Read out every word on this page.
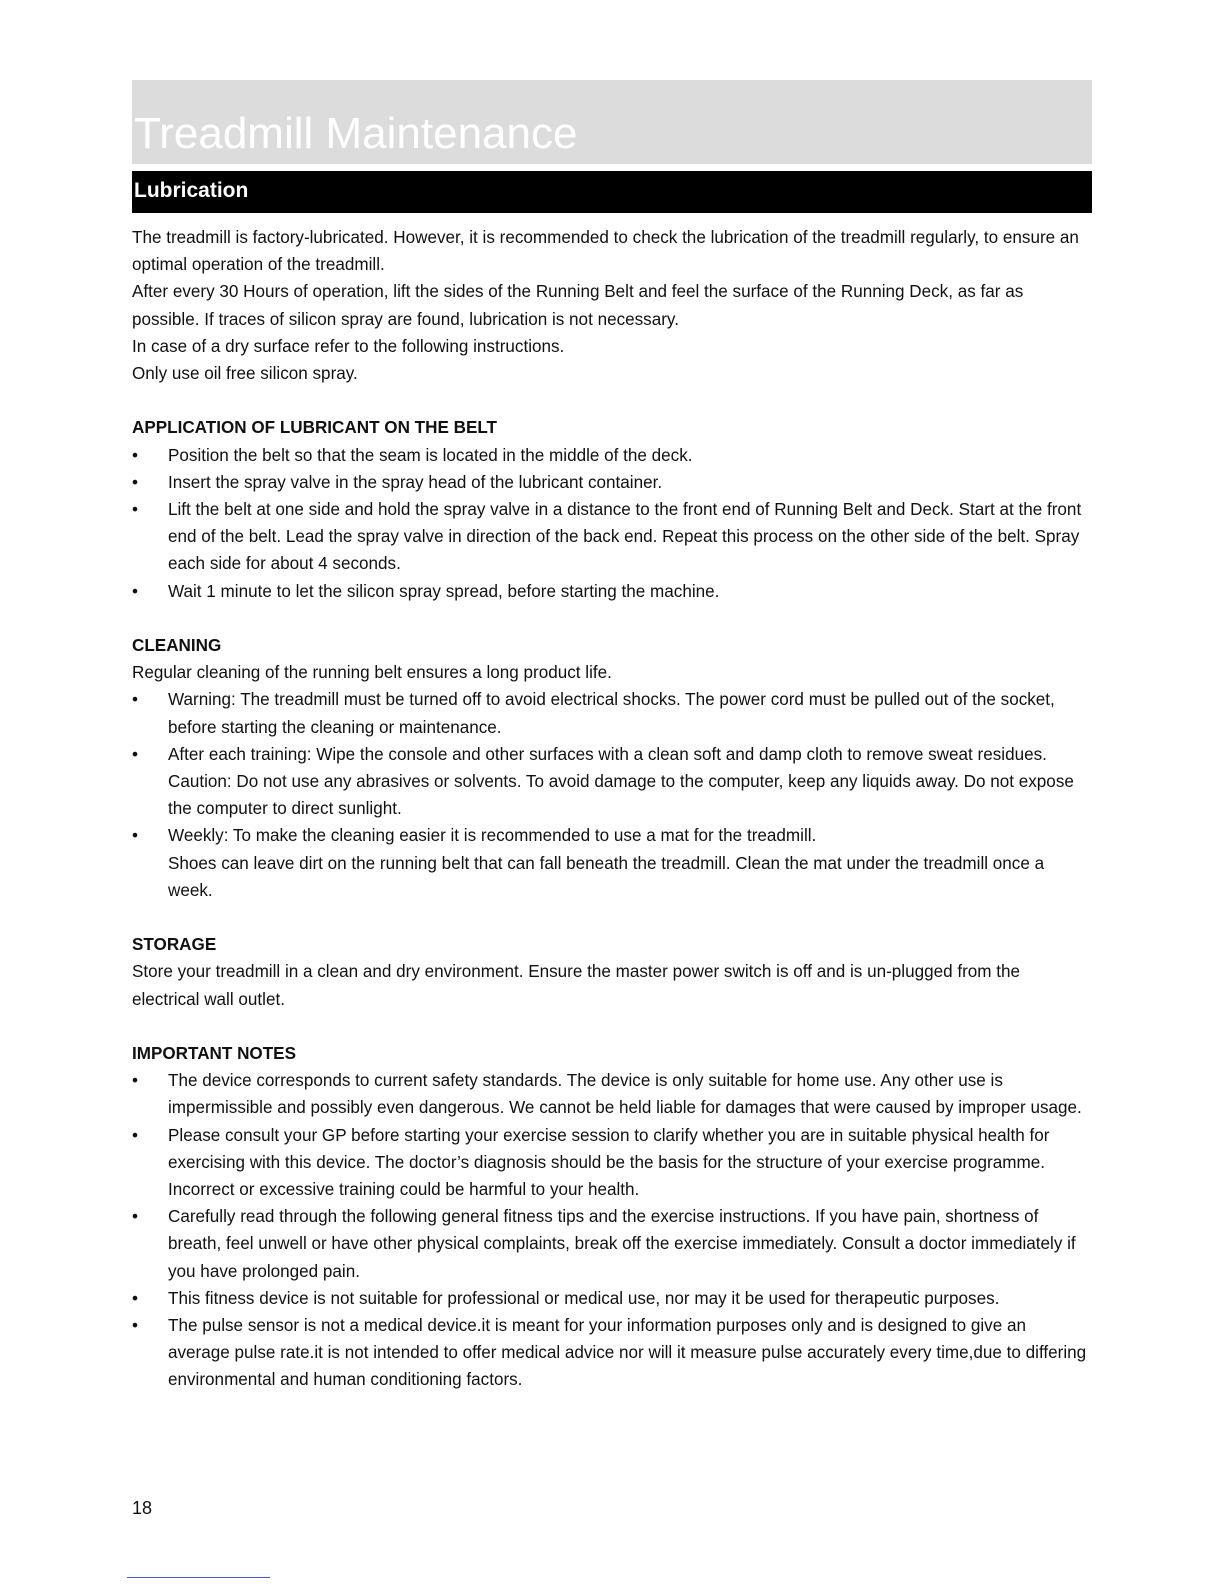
Treadmill Maintenance
Lubrication

The treadmill is factory-lubricated. However, it is recommended to check the lubrication of the treadmill regularly, to ensure an optimal operation of the treadmill.

After every 30 Hours of operation, lift the sides of the Running Belt and feel the surface of the Running Deck, as far as possible. If traces of silicon spray are found, lubrication is not necessary.

In case of a dry surface refer to the following instructions.

Only use oil free silicon spray.

APPLICATION OF LUBRICANT ON THE BELT

•	Position the belt so that the seam is located in the middle of the deck.
•	Insert the spray valve in the spray head of the lubricant container.
•	Lift the belt at one side and hold the spray valve in a distance to the front end of Running Belt and Deck. Start at the front end of the belt. Lead the spray valve in direction of the back end. Repeat this process on the other side of the belt. Spray each side for about 4 seconds.
•	Wait 1 minute to let the silicon spray spread, before starting the machine.

CLEANING

Regular cleaning of the running belt ensures a long product life.

•	Warning: The treadmill must be turned off to avoid electrical shocks. The power cord must be pulled out of the socket, before starting the cleaning or maintenance.
•	After each training: Wipe the console and other surfaces with a clean soft and damp cloth to remove sweat residues.
Caution: Do not use any abrasives or solvents. To avoid damage to the computer, keep any liquids away. Do not expose the computer to direct sunlight.
•	Weekly: To make the cleaning easier it is recommended to use a mat for the treadmill.
Shoes can leave dirt on the running belt that can fall beneath the treadmill. Clean the mat under the treadmill once a week.

STORAGE

Store your treadmill in a clean and dry environment. Ensure the master power switch is off and is un-plugged from the electrical wall outlet.

IMPORTANT NOTES

•	The device corresponds to current safety standards. The device is only suitable for home use. Any other use is impermissible and possibly even dangerous. We cannot be held liable for damages that were caused by improper usage.
•	Please consult your GP before starting your exercise session to clarify whether you are in suitable physical health for exercising with this device. The doctor’s diagnosis should be the basis for the structure of your exercise programme. Incorrect or excessive training could be harmful to your health.
•	Carefully read through the following general fitness tips and the exercise instructions. If you have pain, shortness of breath, feel unwell or have other physical complaints, break off the exercise immediately. Consult a doctor immediately if you have prolonged pain.
•	This fitness device is not suitable for professional or medical use, nor may it be used for therapeutic purposes.
•	The pulse sensor is not a medical device.it is meant for your information purposes only and is designed to give an average pulse rate.it is not intended to offer medical advice nor will it measure pulse accurately every time,due to differing environmental and human conditioning factors.
18
